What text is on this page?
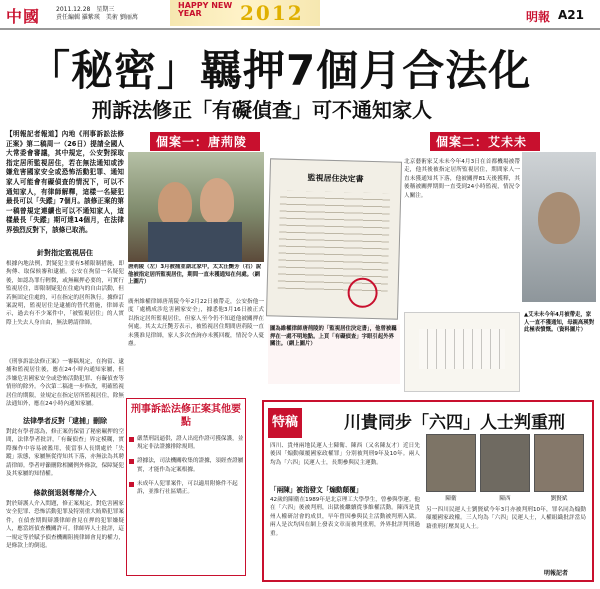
中國	2011.12.28　星期三
責任編輯 羅紫瑛　美術 劉丽萬
HAPPY NEW YEAR	2012	明報 A21
「秘密」羈押7個月合法化
刑訴法修正「有礙偵查」可不通知家人
【明報記者報道】內地《刑事訴訟法修正案》第二稿周一（26日）提請全國人大常委會審議，其中規定，公安對採取指定居所監視居住，若在無法通知或涉嫌危害國家安全或恐怖活動犯罪、通知家人可能會有礙偵查的情況下，可以不通知家人，有律師解釋，這樣一名疑犯最長可以「失蹤」7個月。該修正案的第一稿曾規定連續也可以不通知家人，這樣最長「失蹤」期可達14個月，在法律界強烈反對下，該條已取消。
針對指定監視居住
根據內地法例，對疑犯主要有5種限制措施，即拘傳、取保候審和逮捕。公安在拘留一名疑犯後，如認為罪行輕微，或無羈押必要的，可實行監視居住，即限制疑犯在住處內的自由活動，但若無固定住處的，可在指定的居所執行。據修訂案說明，監視居住是逮捕的替代措施，律師表示，過去有不少案件中，「被監視居住」的人實際上失去人身自由，無法聘請律師。
《刑事訴訟法修正案》一審稿規定，在拘留、逮捕和監視居住後，應在24小時內通知家屬，但涉嫌危害國家安全或恐怖活動犯罪、有礙偵查等情形的除外。今次第二稿進一步修改，明確監視居住的期限，並規定在指定居所監視居住，除無法通知外，應在24小時內通知家屬。
法律學者反對「逮捕」刪除
對此有學者認為，修正案仍保留了秘密羈押的空間，法律學者批評，「有礙偵查」界定模糊，實際操作中容易被濫用，使當事人長期處於「失蹤」狀態，家屬無從得知其下落，亦無法為其聘請律師。學者呼籲刪除相關例外條款，保障疑犯及其家屬的知情權。
條款倒退剝奪辯介入
對於辯護人介入問題，修正案規定，對危害國家安全犯罪、恐怖活動犯罪及特別重大賄賂犯罪案件，在偵查期間辯護律師會見在押的犯罪嫌疑人，應當經偵查機關許可。律師界人士批評，這一規定等於賦予偵查機關阻撓律師會見的權力，是條款上的倒退。
個案一：唐荊陵
唐荊陵（左）3月被捕並湖北家中，太太汪艷芳（右）說他被指定居所監視居住，期間一直未獲通知在何處。（網上圖片）
廣州維權律師唐荊陵今年2月22日被帶走，公安指他一度「處構成涉危害國家安全」，據悉他3月16日被正式以指定居所監視居住，但家人至今仍不知道他被關押在何處。其太太汪艷芳表示，被監視居住期間唐荊陵一直未獲准見律師，家人多次查詢亦未獲回覆，情況令人憂慮。
監視居住決定書
圖為維權律師唐荊陵的「監視居住決定書」，他曾被羈押在一處不明地點。上頁「有礙偵查」字眼引起外界關注。（網上圖片）
個案二：艾未未
北京藝術家艾未未今年4月3日在首都機場被帶走，他其後被指定居所監視居住，期間家人一直未獲通知其下落，他被關押81天後獲釋，其後稱被關押期間一直受到24小時監視，情況令人關注。
▲艾未未今年4月被帶走，家人一直不獲通知，母親高瑛對此極表憤慨。（資料圖片）
刑事訴訟法修正案其他要點
嚴禁刑訊逼供，證人出庭作證可獲保護，並規定非法證據排除規則。
證據法，司法機關收集的證據，須經查證屬實，才能作為定案根據。
未成年人犯罪案件，可以適用附條件不起訴，並推行社區矯正。
特稿	川貴同步「六四」人士判重刑
四川、貴州兩地民運人士陳衛、陳西（又名陳友才）近日先後因「煽動顛覆國家政權罪」分別被判刑9年及10年。兩人均為「六四」民運人士，長期參與民主運動。
「兩陳」被指發文「煽動顛覆」
42歲的陳衛在1989年是北京理工大學學生，曾參與學運。他在「六四」後被判刑，出獄後繼續從事維權活動。陳西是貴州人權研討會的成員，早年曾因參與民主活動被判刑入獄。兩人是次均因在網上發表文章而被判重刑，外界批評判刑過重。
陳衛	陳西	劉賢斌
另一四川民運人士劉賢斌今年3月亦被判刑10年，罪名同為煽動顛覆國家政權。三人均為「六四」民運人士，人權組織批評當局藉重刑打壓異見人士。
明報記者
